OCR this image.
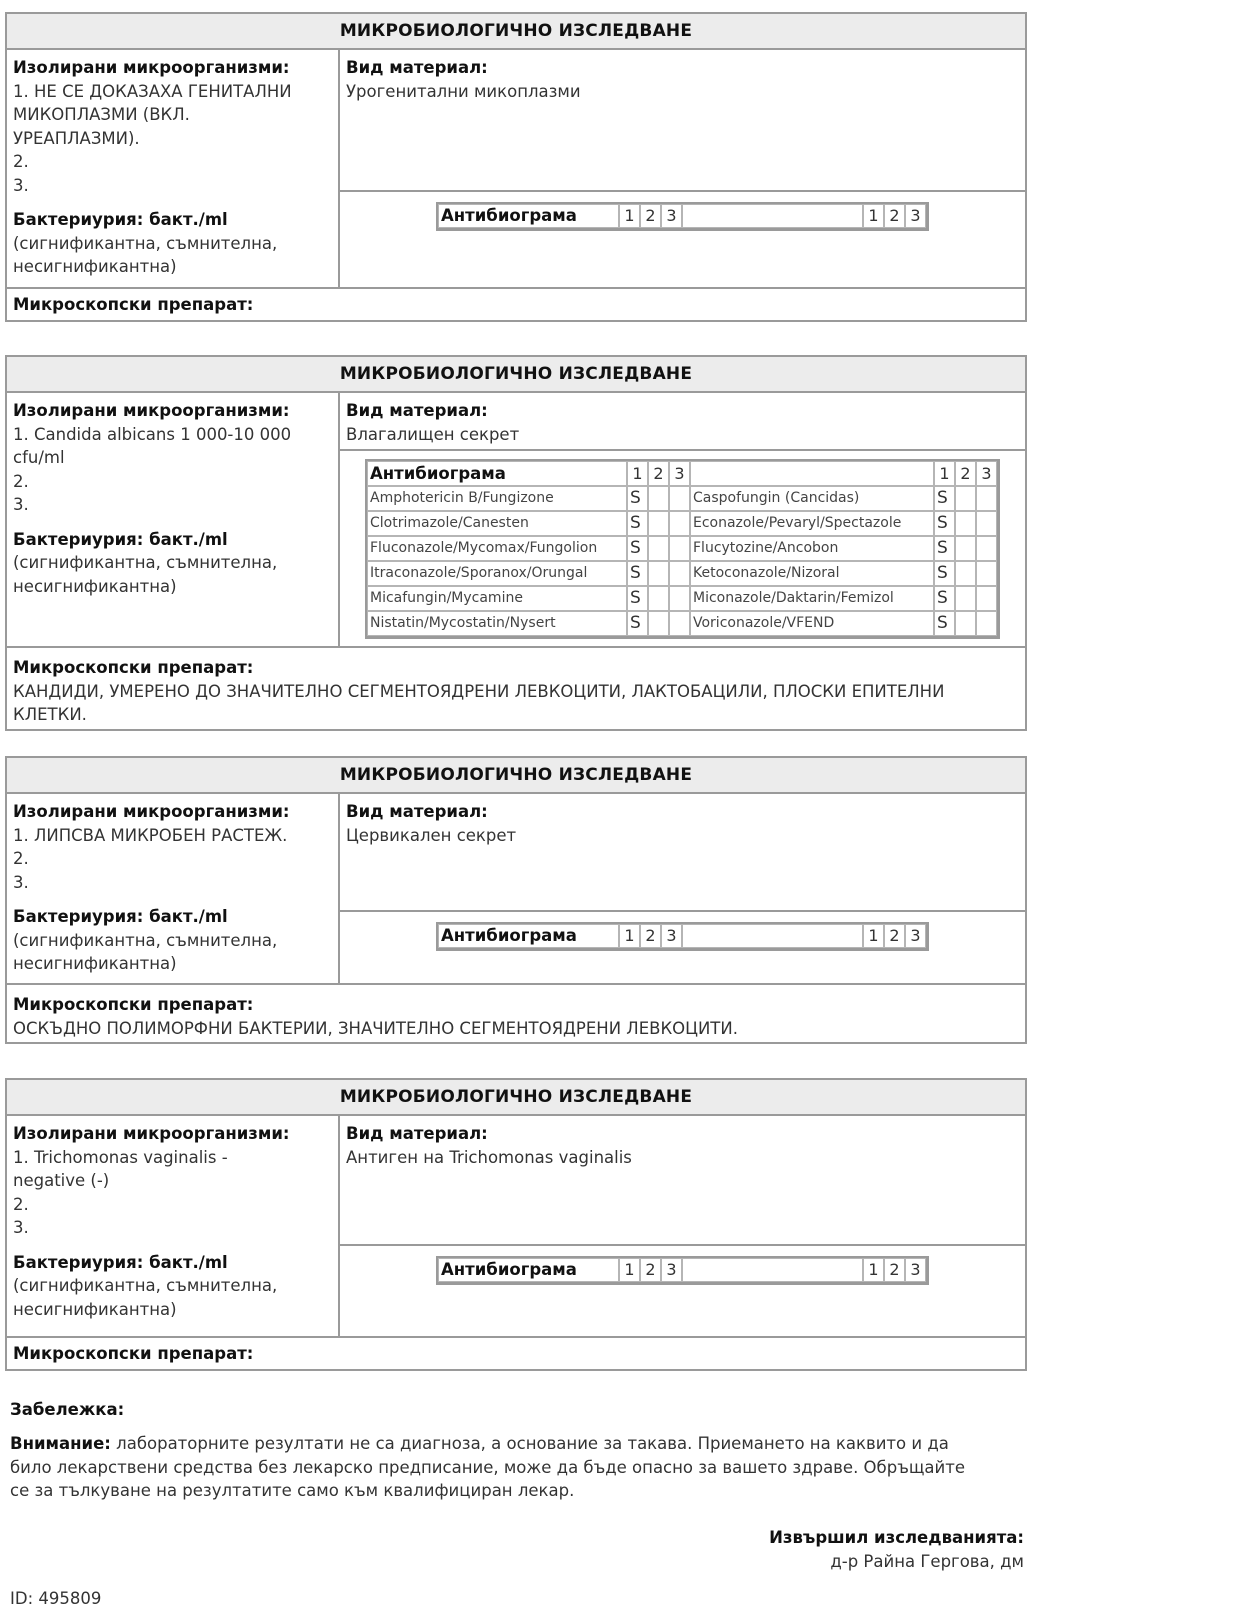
МИКРОБИОЛОГИЧНО ИЗСЛЕДВАНЕ
Изолирани микроорганизми:
1. НЕ СЕ ДОКАЗАХА ГЕНИТАЛНИ МИКОПЛАЗМИ (ВКЛ. УРЕАПЛАЗМИ).
2.
3.
Бактериурия: бакт./ml
(сигнификантна, съмнителна,
несигнификантна)
Вид материал:
Урогенитални микоплазми
Антибиограма	1	2	3		1	2	3
Микроскопски препарат:
МИКРОБИОЛОГИЧНО ИЗСЛЕДВАНЕ
Изолирани микроорганизми:
1. Candida albicans 1 000-10 000 cfu/ml
2.
3.
Бактериурия: бакт./ml
(сигнификантна, съмнителна,
несигнификантна)
Вид материал:
Влагалищен секрет
Антибиограма	1	2	3		1	2	3
Amphotericin B/Fungizone	S			Caspofungin (Cancidas)	S		
Clotrimazole/Canesten	S			Econazole/Pevaryl/Spectazole	S		
Fluconazole/Mycomax/Fungolion	S			Flucytozine/Ancobon	S		
Itraconazole/Sporanox/Orungal	S			Ketoconazole/Nizoral	S		
Micafungin/Mycamine	S			Miconazole/Daktarin/Femizol	S		
Nistatin/Mycostatin/Nysert	S			Voriconazole/VFEND	S		
Микроскопски препарат:
КАНДИДИ, УМЕРЕНО ДО ЗНАЧИТЕЛНО СЕГМЕНТОЯДРЕНИ ЛЕВКОЦИТИ, ЛАКТОБАЦИЛИ, ПЛОСКИ ЕПИТЕЛНИ КЛЕТКИ.
МИКРОБИОЛОГИЧНО ИЗСЛЕДВАНЕ
Изолирани микроорганизми:
1. ЛИПСВА МИКРОБЕН РАСТЕЖ.
2.
3.
Бактериурия: бакт./ml
(сигнификантна, съмнителна,
несигнификантна)
Вид материал:
Цервикален секрет
Антибиограма	1	2	3		1	2	3
Микроскопски препарат:
ОСКЪДНО ПОЛИМОРФНИ БАКТЕРИИ, ЗНАЧИТЕЛНО СЕГМЕНТОЯДРЕНИ ЛЕВКОЦИТИ.
МИКРОБИОЛОГИЧНО ИЗСЛЕДВАНЕ
Изолирани микроорганизми:
1. Trichomonas vaginalis - negative (-)
2.
3.
Бактериурия: бакт./ml
(сигнификантна, съмнителна,
несигнификантна)
Вид материал:
Антиген на Trichomonas vaginalis
Антибиограма	1	2	3		1	2	3
Микроскопски препарат:
Забележка:
Внимание: лабораторните резултати не са диагноза, а основание за такава. Приемането на каквито и да било лекарствени средства без лекарско предписание, може да бъде опасно за вашето здраве. Обръщайте се за тълкуване на резултатите само към квалифициран лекар.
Извършил изследванията:
д-р Райна Гергова, дм
ID: 495809
